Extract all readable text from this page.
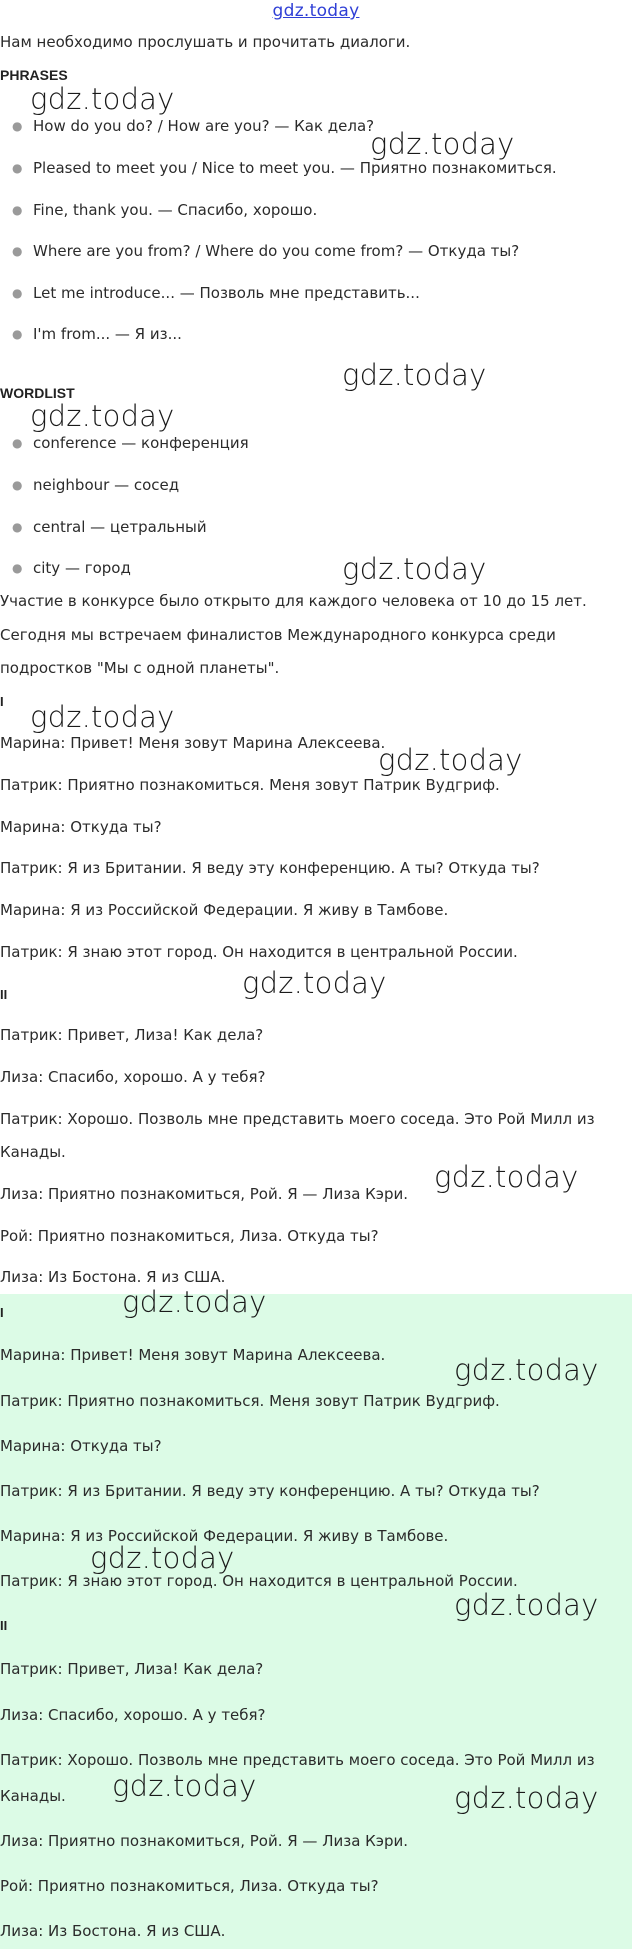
gdz.today
Нам необходимо прослушать и прочитать диалоги.
PHRASES
● How do you do? / How are you? — Как дела?
● Pleased to meet you / Nice to meet you. — Приятно познакомиться.
● Fine, thank you. — Спасибо, хорошо.
● Where are you from? / Where do you come from? — Откуда ты?
● Let me introduce... — Позволь мне представить...
● I'm from... — Я из...
WORDLIST
● conference — конференция
● neighbour — сосед
● central — цетральный
● city — город
Участие в конкурсе было открыто для каждого человека от 10 до 15 лет.
Сегодня мы встречаем финалистов Международного конкурса среди
подростков "Мы с одной планеты".
I
Марина: Привет! Меня зовут Марина Алексеева.
Патрик: Приятно познакомиться. Меня зовут Патрик Вудгриф.
Марина: Откуда ты?
Патрик: Я из Британии. Я веду эту конференцию. А ты? Откуда ты?
Марина: Я из Российской Федерации. Я живу в Тамбове.
Патрик: Я знаю этот город. Он находится в центральной России.
II
Патрик: Привет, Лиза! Как дела?
Лиза: Спасибо, хорошо. А у тебя?
Патрик: Хорошо. Позволь мне представить моего соседа. Это Рой Милл из
Канады.
Лиза: Приятно познакомиться, Рой. Я — Лиза Кэри.
Рой: Приятно познакомиться, Лиза. Откуда ты?
Лиза: Из Бостона. Я из США.
I
Марина: Привет! Меня зовут Марина Алексеева.
Патрик: Приятно познакомиться. Меня зовут Патрик Вудгриф.
Марина: Откуда ты?
Патрик: Я из Британии. Я веду эту конференцию. А ты? Откуда ты?
Марина: Я из Российской Федерации. Я живу в Тамбове.
Патрик: Я знаю этот город. Он находится в центральной России.
II
Патрик: Привет, Лиза! Как дела?
Лиза: Спасибо, хорошо. А у тебя?
Патрик: Хорошо. Позволь мне представить моего соседа. Это Рой Милл из
Канады.
Лиза: Приятно познакомиться, Рой. Я — Лиза Кэри.
Рой: Приятно познакомиться, Лиза. Откуда ты?
Лиза: Из Бостона. Я из США.
gdz.today
gdz.today
gdz.today
gdz.today
gdz.today
gdz.today
gdz.today
gdz.today
gdz.today
gdz.today
gdz.today
gdz.today
gdz.today
gdz.today	gdz.today
